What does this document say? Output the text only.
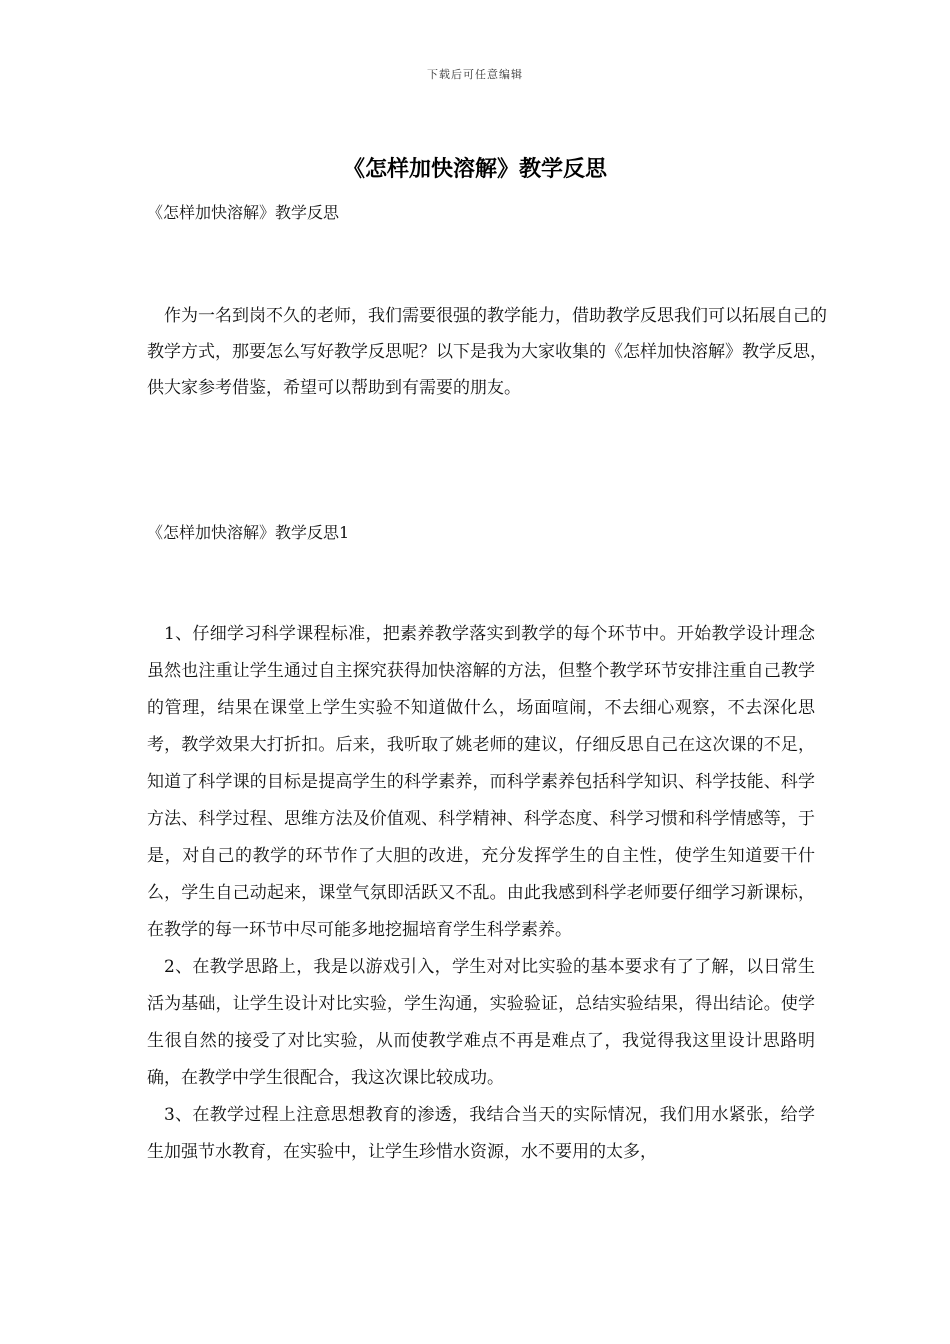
下载后可任意编辑
《怎样加快溶解》教学反思

《怎样加快溶解》教学反思

作为一名到岗不久的老师，我们需要很强的教学能力，借助教学反思我们可以拓展自己的教学方式，那要怎么写好教学反思呢？以下是我为大家收集的《怎样加快溶解》教学反思，供大家参考借鉴，希望可以帮助到有需要的朋友。

《怎样加快溶解》教学反思1

1、仔细学习科学课程标准，把素养教学落实到教学的每个环节中。开始教学设计理念虽然也注重让学生通过自主探究获得加快溶解的方法，但整个教学环节安排注重自己教学的管理，结果在课堂上学生实验不知道做什么，场面喧闹，不去细心观察，不去深化思考，教学效果大打折扣。后来，我听取了姚老师的建议，仔细反思自己在这次课的不足，知道了科学课的目标是提高学生的科学素养，而科学素养包括科学知识、科学技能、科学方法、科学过程、思维方法及价值观、科学精神、科学态度、科学习惯和科学情感等，于是，对自己的教学的环节作了大胆的改进，充分发挥学生的自主性，使学生知道要干什么，学生自己动起来，课堂气氛即活跃又不乱。由此我感到科学老师要仔细学习新课标，在教学的每一环节中尽可能多地挖掘培育学生科学素养。

2、在教学思路上，我是以游戏引入，学生对对比实验的基本要求有了了解，以日常生活为基础，让学生设计对比实验，学生沟通，实验验证，总结实验结果，得出结论。使学生很自然的接受了对比实验，从而使教学难点不再是难点了，我觉得我这里设计思路明确，在教学中学生很配合，我这次课比较成功。

3、在教学过程上注意思想教育的渗透，我结合当天的实际情况，我们用水紧张，给学生加强节水教育，在实验中，让学生珍惜水资源，水不要用的太多，
